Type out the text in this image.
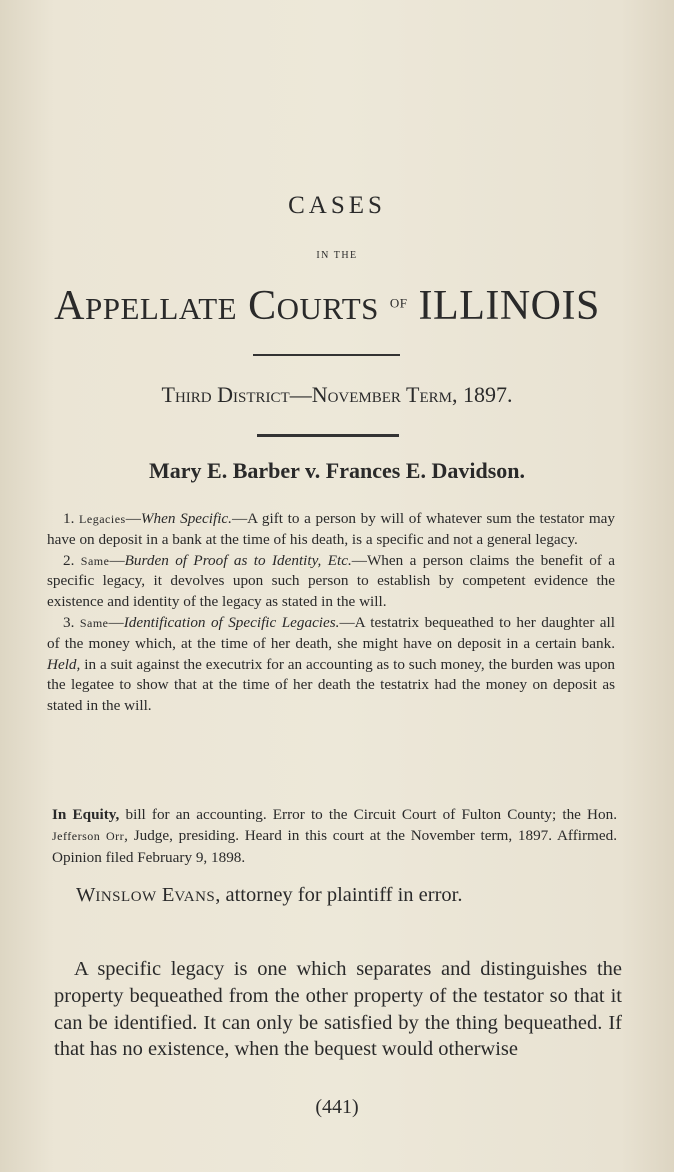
CASES
IN THE
APPELLATE COURTS $^{OF}$ ILLINOIS
THIRD DISTRICT—NOVEMBER TERM, 1897.
Mary E. Barber v. Frances E. Davidson.

1. Legacies—When Specific.—A gift to a person by will of whatever sum the testator may have on deposit in a bank at the time of his death, is a specific and not a general legacy.

2. Same—Burden of Proof as to Identity, Etc.—When a person claims the benefit of a specific legacy, it devolves upon such person to establish by competent evidence the existence and identity of the legacy as stated in the will.

3. Same—Identification of Specific Legacies.—A testatrix bequeathed to her daughter all of the money which, at the time of her death, she might have on deposit in a certain bank. Held, in a suit against the executrix for an accounting as to such money, the burden was upon the legatee to show that at the time of her death the testatrix had the money on deposit as stated in the will.

In Equity, bill for an accounting. Error to the Circuit Court of Fulton County; the Hon. Jefferson Orr, Judge, presiding. Heard in this court at the November term, 1897. Affirmed. Opinion filed February 9, 1898.

WINSLOW EVANS, attorney for plaintiff in error.

A specific legacy is one which separates and distinguishes the property bequeathed from the other property of the testator so that it can be identified. It can only be satisfied by the thing bequeathed. If that has no existence, when the bequest would otherwise

(441)
